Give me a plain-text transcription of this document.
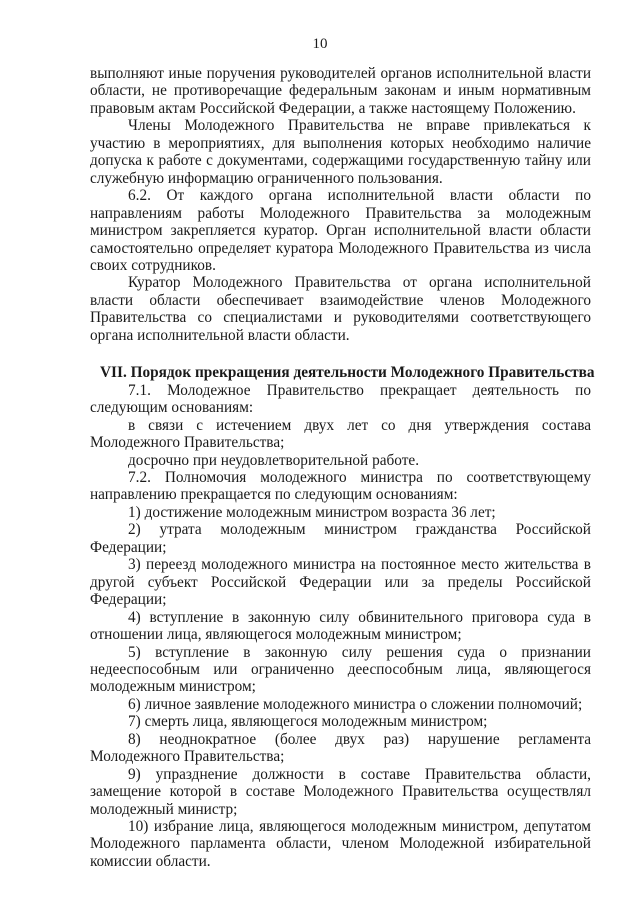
10

выполняют иные поручения руководителей органов исполнительной власти области, не противоречащие федеральным законам и иным нормативным правовым актам Российской Федерации, а также настоящему Положению.

Члены Молодежного Правительства не вправе привлекаться к участию в мероприятиях, для выполнения которых необходимо наличие допуска к работе с документами, содержащими государственную тайну или служебную информацию ограниченного пользования.

6.2. От каждого органа исполнительной власти области по направлениям работы Молодежного Правительства за молодежным министром закрепляется куратор. Орган исполнительной власти области самостоятельно определяет куратора Молодежного Правительства из числа своих сотрудников.

Куратор Молодежного Правительства от органа исполнительной власти области обеспечивает взаимодействие членов Молодежного Правительства со специалистами и руководителями соответствующего органа исполнительной власти области.

VII. Порядок прекращения деятельности Молодежного Правительства

7.1. Молодежное Правительство прекращает деятельность по следующим основаниям:

в связи с истечением двух лет со дня утверждения состава Молодежного Правительства;

досрочно при неудовлетворительной работе.

7.2. Полномочия молодежного министра по соответствующему направлению прекращается по следующим основаниям:

1) достижение молодежным министром возраста 36 лет;

2) утрата молодежным министром гражданства Российской Федерации;

3) переезд молодежного министра на постоянное место жительства в другой субъект Российской Федерации или за пределы Российской Федерации;

4) вступление в законную силу обвинительного приговора суда в отношении лица, являющегося молодежным министром;

5) вступление в законную силу решения суда о признании недееспособным или ограниченно дееспособным лица, являющегося молодежным министром;

6) личное заявление молодежного министра о сложении полномочий;

7) смерть лица, являющегося молодежным министром;

8) неоднократное (более двух раз) нарушение регламента Молодежного Правительства;

9) упразднение должности в составе Правительства области, замещение которой в составе Молодежного Правительства осуществлял молодежный министр;

10) избрание лица, являющегося молодежным министром, депутатом Молодежного парламента области, членом Молодежной избирательной комиссии области.
